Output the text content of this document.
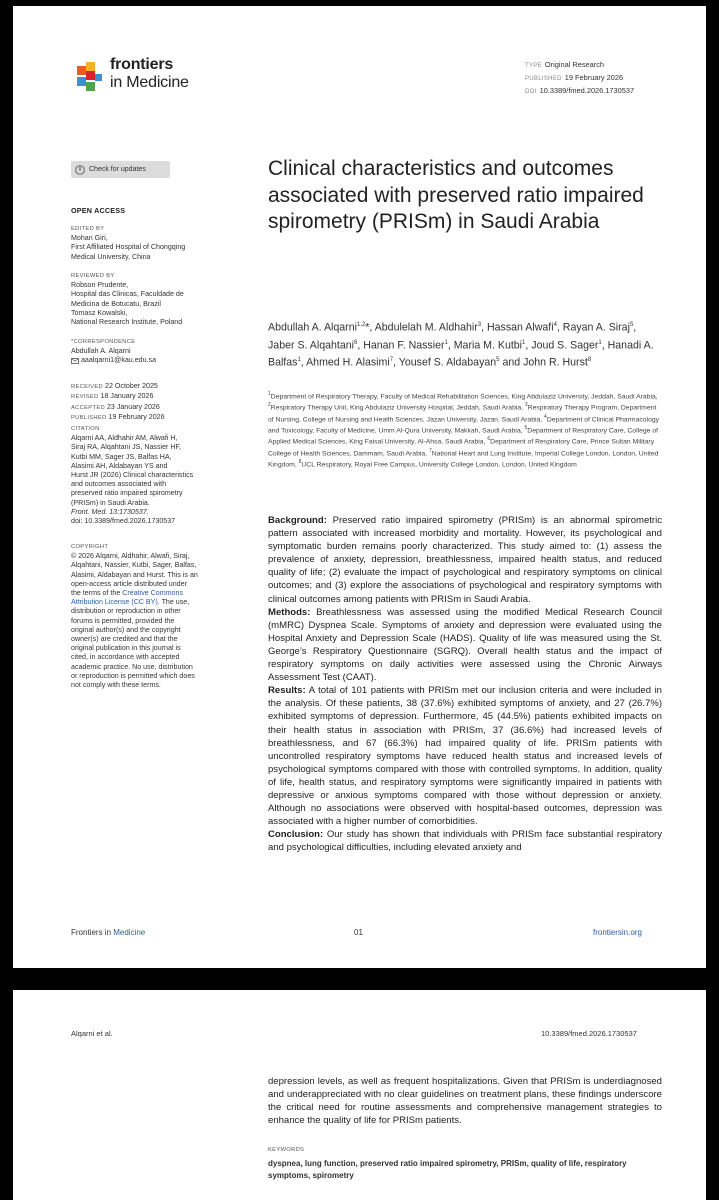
frontiers
in Medicine
TYPE Original Research
PUBLISHED 19 February 2026
DOI 10.3389/fmed.2026.1730537
Check for updates
OPEN ACCESS
EDITED BY
Mohan Giri,
First Affiliated Hospital of Chongqing
Medical University, China
REVIEWED BY
Robson Prudente,
Hospital das Clinicas, Faculdade de
Medicina de Botucatu, Brazil
Tomasz Kowalski,
National Research Institute, Poland
*CORRESPONDENCE
Abdullah A. Alqarni
aaalqarni1@kau.edu.sa
RECEIVED 22 October 2025
REVISED 18 January 2026
ACCEPTED 23 January 2026
PUBLISHED 19 February 2026
CITATION
Alqarni AA, Aldhahir AM, Alwafi H,
Siraj RA, Alqahtani JS, Nassier HF,
Kutbi MM, Sager JS, Balfas HA,
Alasimi AH, Aldabayan YS and
Hurst JR (2026) Clinical characteristics
and outcomes associated with
preserved ratio impaired spirometry
(PRISm) in Saudi Arabia.
Front. Med. 13:1730537.
doi: 10.3389/fmed.2026.1730537
COPYRIGHT
© 2026 Alqarni, Aldhahir, Alwafi, Siraj,
Alqahtani, Nassier, Kutbi, Sager, Balfas,
Alasimi, Aldabayan and Hurst. This is an
open-access article distributed under
the terms of the Creative Commons
Attribution License (CC BY). The use,
distribution or reproduction in other
forums is permitted, provided the
original author(s) and the copyright
owner(s) are credited and that the
original publication in this journal is
cited, in accordance with accepted
academic practice. No use, distribution
or reproduction is permitted which does
not comply with these terms.
Clinical characteristics and outcomes associated with preserved ratio impaired spirometry (PRISm) in Saudi Arabia
Abdullah A. Alqarni$^{1,2}$*, Abdulelah M. Aldhahir$^3$, Hassan Alwafi$^4$, Rayan A. Siraj$^5$, Jaber S. Alqahtani$^6$, Hanan F. Nassier$^1$, Maria M. Kutbi$^1$, Joud S. Sager$^1$, Hanadi A. Balfas$^1$, Ahmed H. Alasimi$^7$, Yousef S. Aldabayan$^5$ and John R. Hurst$^8$
$^1$Department of Respiratory Therapy, Faculty of Medical Rehabilitation Sciences, King Abdulaziz University, Jeddah, Saudi Arabia, $^2$Respiratory Therapy Unit, King Abdulaziz University Hospital, Jeddah, Saudi Arabia, $^3$Respiratory Therapy Program, Department of Nursing, College of Nursing and Health Sciences, Jazan University, Jazan, Saudi Arabia, $^4$Department of Clinical Pharmacology and Toxicology, Faculty of Medicine, Umm Al-Qura University, Makkah, Saudi Arabia, $^5$Department of Respiratory Care, College of Applied Medical Sciences, King Faisal University, Al-Ahsa, Saudi Arabia, $^6$Department of Respiratory Care, Prince Sultan Military College of Health Sciences, Dammam, Saudi Arabia, $^7$National Heart and Lung Institute, Imperial College London, London, United Kingdom, $^8$UCL Respiratory, Royal Free Campus, University College London, London, United Kingdom

Background: Preserved ratio impaired spirometry (PRISm) is an abnormal spirometric pattern associated with increased morbidity and mortality. However, its psychological and symptomatic burden remains poorly characterized. This study aimed to: (1) assess the prevalence of anxiety, depression, breathlessness, impaired health status, and reduced quality of life; (2) evaluate the impact of psychological and respiratory symptoms on clinical outcomes; and (3) explore the associations of psychological and respiratory symptoms with clinical outcomes among patients with PRISm in Saudi Arabia.

Methods: Breathlessness was assessed using the modified Medical Research Council (mMRC) Dyspnea Scale. Symptoms of anxiety and depression were evaluated using the Hospital Anxiety and Depression Scale (HADS). Quality of life was measured using the St. George’s Respiratory Questionnaire (SGRQ). Overall health status and the impact of respiratory symptoms on daily activities were assessed using the Chronic Airways Assessment Test (CAAT).

Results: A total of 101 patients with PRISm met our inclusion criteria and were included in the analysis. Of these patients, 38 (37.6%) exhibited symptoms of anxiety, and 27 (26.7%) exhibited symptoms of depression. Furthermore, 45 (44.5%) patients exhibited impacts on their health status in association with PRISm, 37 (36.6%) had increased levels of breathlessness, and 67 (66.3%) had impaired quality of life. PRISm patients with uncontrolled respiratory symptoms have reduced health status and increased levels of psychological symptoms compared with those with controlled symptoms. In addition, quality of life, health status, and respiratory symptoms were significantly impaired in patients with depressive or anxious symptoms compared with those without depression or anxiety. Although no associations were observed with hospital-based outcomes, depression was associated with a higher number of comorbidities.

Conclusion: Our study has shown that individuals with PRISm face substantial respiratory and psychological difficulties, including elevated anxiety and

Frontiers in Medicine	01	frontiersin.org
Alqarni et al.	10.3389/fmed.2026.1730537
depression levels, as well as frequent hospitalizations. Given that PRISm is underdiagnosed and underappreciated with no clear guidelines on treatment plans, these findings underscore the critical need for routine assessments and comprehensive management strategies to enhance the quality of life for PRISm patients.
KEYWORDS
dyspnea, lung function, preserved ratio impaired spirometry, PRISm, quality of life, respiratory symptoms, spirometry
